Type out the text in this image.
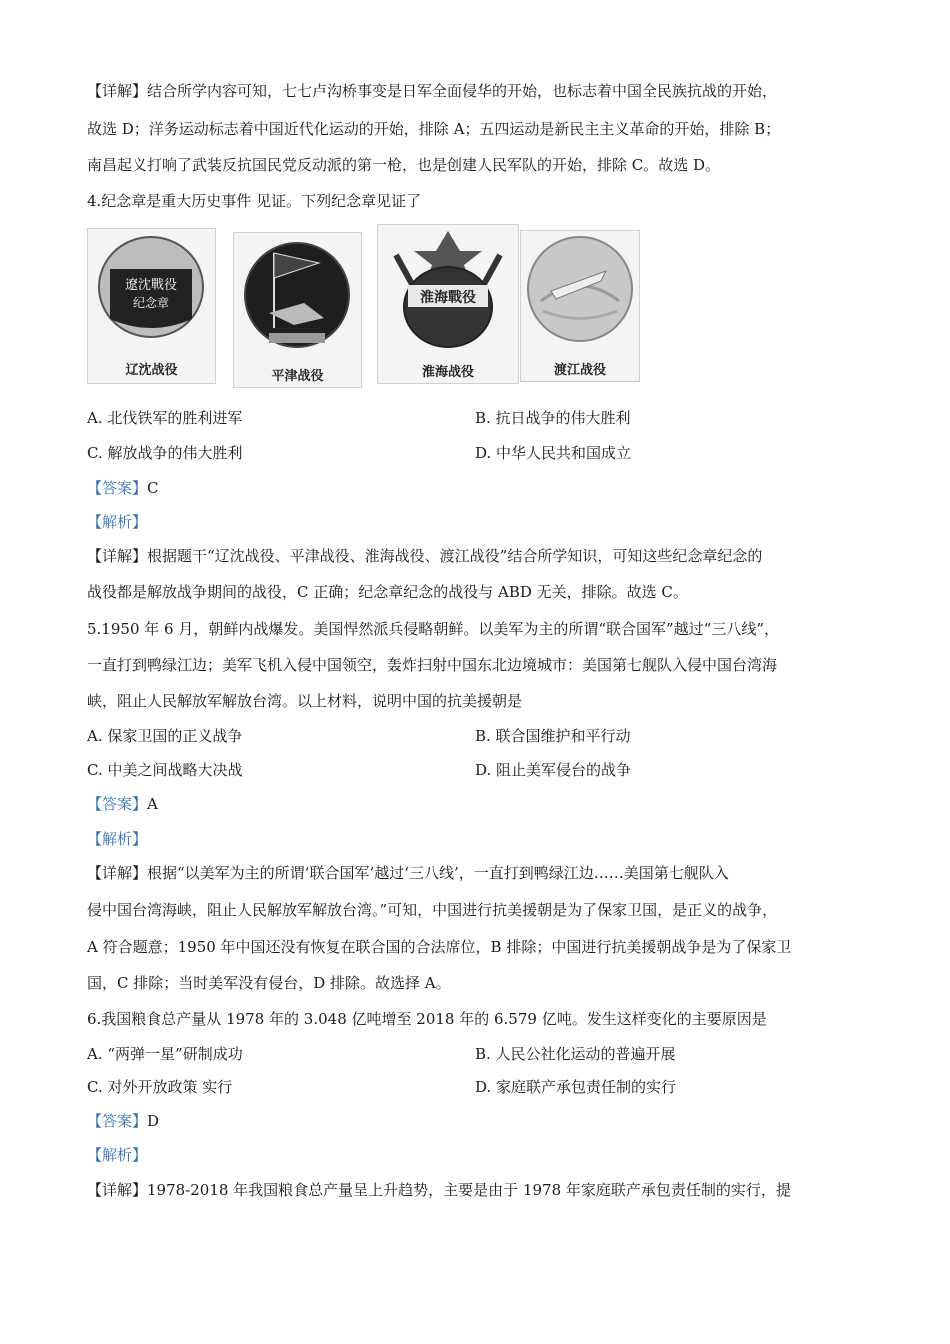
【详解】结合所学内容可知，七七卢沟桥事变是日军全面侵华的开始，也标志着中国全民族抗战的开始，
故选 D；洋务运动标志着中国近代化运动的开始，排除 A；五四运动是新民主主义革命的开始，排除 B；
南昌起义打响了武装反抗国民党反动派的第一枪，也是创建人民军队的开始，排除 C。故选 D。
4.纪念章是重大历史事件 见证。下列纪念章见证了
遼沈戰役
纪念章
辽沈战役	平津战役
淮海戰役
淮海战役	渡江战役
A. 北伐铁军的胜利进军	B. 抗日战争的伟大胜利
C. 解放战争的伟大胜利	D. 中华人民共和国成立
【答案】C
【解析】
【详解】根据题干“辽沈战役、平津战役、淮海战役、渡江战役”结合所学知识，可知这些纪念章纪念的
战役都是解放战争期间的战役，C 正确；纪念章纪念的战役与 ABD 无关，排除。故选 C。
5.1950 年 6 月，朝鲜内战爆发。美国悍然派兵侵略朝鲜。以美军为主的所谓“联合国军”越过“三八线”，
一直打到鸭绿江边；美军飞机入侵中国领空，轰炸扫射中国东北边境城市：美国第七舰队入侵中国台湾海
峡，阻止人民解放军解放台湾。以上材料，说明中国的抗美援朝是
A. 保家卫国的正义战争	B. 联合国维护和平行动
C. 中美之间战略大决战	D. 阻止美军侵台的战争
【答案】A
【解析】
【详解】根据“以美军为主的所谓‘联合国军’越过‘三八线’，一直打到鸭绿江边……美国第七舰队入
侵中国台湾海峡，阻止人民解放军解放台湾。”可知，中国进行抗美援朝是为了保家卫国，是正义的战争，
A 符合题意；1950 年中国还没有恢复在联合国的合法席位，B 排除；中国进行抗美援朝战争是为了保家卫
国，C 排除；当时美军没有侵台，D 排除。故选择 A。
6.我国粮食总产量从 1978 年的 3.048 亿吨增至 2018 年的 6.579 亿吨。发生这样变化的主要原因是
A. “两弹一星”研制成功	B. 人民公社化运动的普遍开展
C. 对外开放政策 实行	D. 家庭联产承包责任制的实行
【答案】D
【解析】
【详解】1978-2018 年我国粮食总产量呈上升趋势，主要是由于 1978 年家庭联产承包责任制的实行，提
